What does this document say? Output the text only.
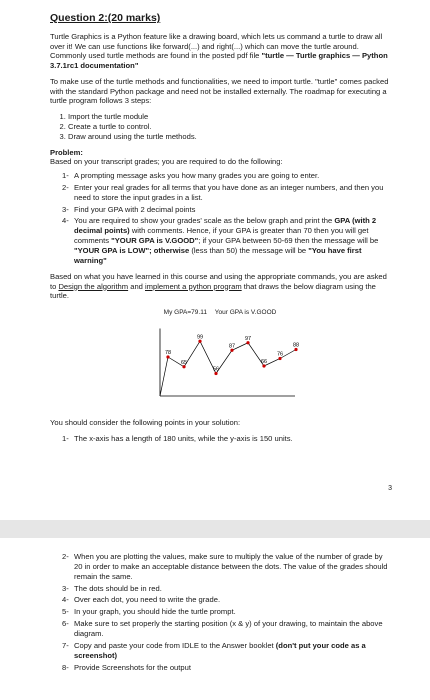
Question 2:(20 marks)

Turtle Graphics is a Python feature like a drawing board, which lets us command a turtle to draw all over it! We can use functions like forward(...) and right(...) which can move the turtle around. Commonly used turtle methods are found in the posted pdf file "turtle — Turtle graphics — Python 3.7.1rc1 documentation"

To make use of the turtle methods and functionalities, we need to import turtle. "turtle" comes packed with the standard Python package and need not be installed externally. The roadmap for executing a turtle program follows 3 steps:

1. Import the turtle module
2. Create a turtle to control.
3. Draw around using the turtle methods.

Problem:
Based on your transcript grades; you are required to do the following:

1- A prompting message asks you how many grades you are going to enter.
2- Enter your real grades for all terms that you have done as an integer numbers, and then you need to store the input grades in a list.
3- Find your GPA with 2 decimal points
4- You are required to show your grades' scale as the below graph and print the GPA (with 2 decimal points) with comments. Hence, if your GPA is greater than 70 then you will get comments "YOUR GPA is V.GOOD"; if your GPA between 50-69 then the message will be "YOUR GPA is LOW"; otherwise (less than 50) the message will be "You have first warning"

Based on what you have learned in this course and using the appropriate commands, you are asked to Design the algorithm and implement a python program that draws the below diagram using the turtle.

My GPA=79.11 Your GPA is V.GOOD
78
65
99
56
87
97
66
76
88

You should consider the following points in your solution:

1- The x-axis has a length of 180 units, while the y-axis is 150 units.
3
2- When you are plotting the values, make sure to multiply the value of the number of grade by 20 in order to make an acceptable distance between the dots. The value of the grades should remain the same.
3- The dots should be in red.
4- Over each dot, you need to write the grade.
5- In your graph, you should hide the turtle prompt.
6- Make sure to set properly the starting position (x & y) of your drawing, to maintain the above diagram.
7- Copy and paste your code from IDLE to the Answer booklet (don't put your code as a screenshot)
8- Provide Screenshots for the output
